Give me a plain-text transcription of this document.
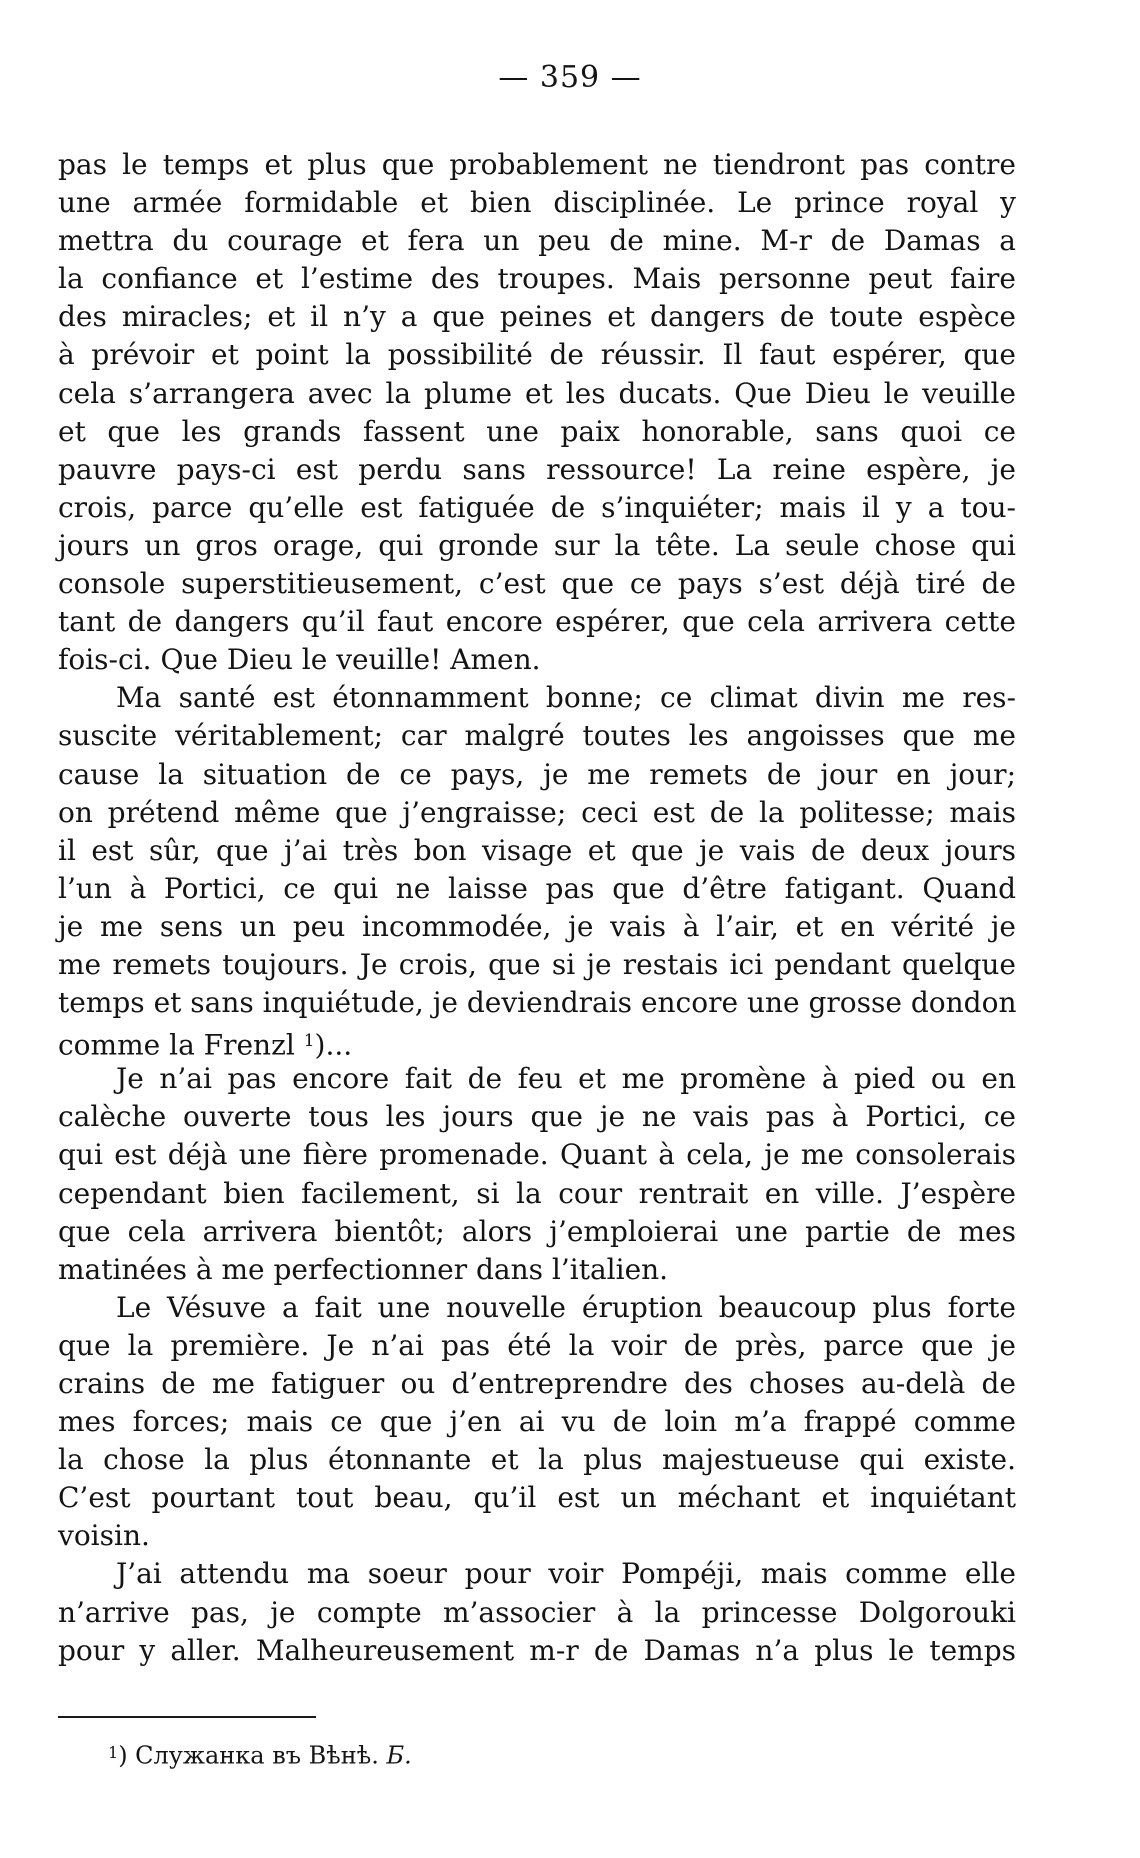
— 359 —
pas le temps et plus que probablement ne tiendront pas contre
une armée formidable et bien disciplinée. Le prince royal y
mettra du courage et fera un peu de mine. M-r de Damas a
la confiance et l’estime des troupes. Mais personne peut faire
des miracles; et il n’y a que peines et dangers de toute espèce
à prévoir et point la possibilité de réussir. Il faut espérer, que
cela s’arrangera avec la plume et les ducats. Que Dieu le veuille
et que les grands fassent une paix honorable, sans quoi ce
pauvre pays-ci est perdu sans ressource! La reine espère, je
crois, parce qu’elle est fatiguée de s’inquiéter; mais il y a tou-
jours un gros orage, qui gronde sur la tête. La seule chose qui
console superstitieusement, c’est que ce pays s’est déjà tiré de
tant de dangers qu’il faut encore espérer, que cela arrivera cette
fois-ci. Que Dieu le veuille! Amen.
Ma santé est étonnamment bonne; ce climat divin me res-
suscite véritablement; car malgré toutes les angoisses que me
cause la situation de ce pays, je me remets de jour en jour;
on prétend même que j’engraisse; ceci est de la politesse; mais
il est sûr, que j’ai très bon visage et que je vais de deux jours
l’un à Portici, ce qui ne laisse pas que d’être fatigant. Quand
je me sens un peu incommodée, je vais à l’air, et en vérité je
me remets toujours. Je crois, que si je restais ici pendant quelque
temps et sans inquiétude, je deviendrais encore une grosse dondon
comme la Frenzl $^1$)...
Je n’ai pas encore fait de feu et me promène à pied ou en
calèche ouverte tous les jours que je ne vais pas à Portici, ce
qui est déjà une fière promenade. Quant à cela, je me consolerais
cependant bien facilement, si la cour rentrait en ville. J’espère
que cela arrivera bientôt; alors j’emploierai une partie de mes
matinées à me perfectionner dans l’italien.
Le Vésuve a fait une nouvelle éruption beaucoup plus forte
que la première. Je n’ai pas été la voir de près, parce que je
crains de me fatiguer ou d’entreprendre des choses au-delà de
mes forces; mais ce que j’en ai vu de loin m’a frappé comme
la chose la plus étonnante et la plus majestueuse qui existe.
C’est pourtant tout beau, qu’il est un méchant et inquiétant
voisin.
J’ai attendu ma soeur pour voir Pompéji, mais comme elle
n’arrive pas, je compte m’associer à la princesse Dolgorouki
pour y aller. Malheureusement m-r de Damas n’a plus le temps
$^1$) Служанка въ Вѣнѣ. Б.
